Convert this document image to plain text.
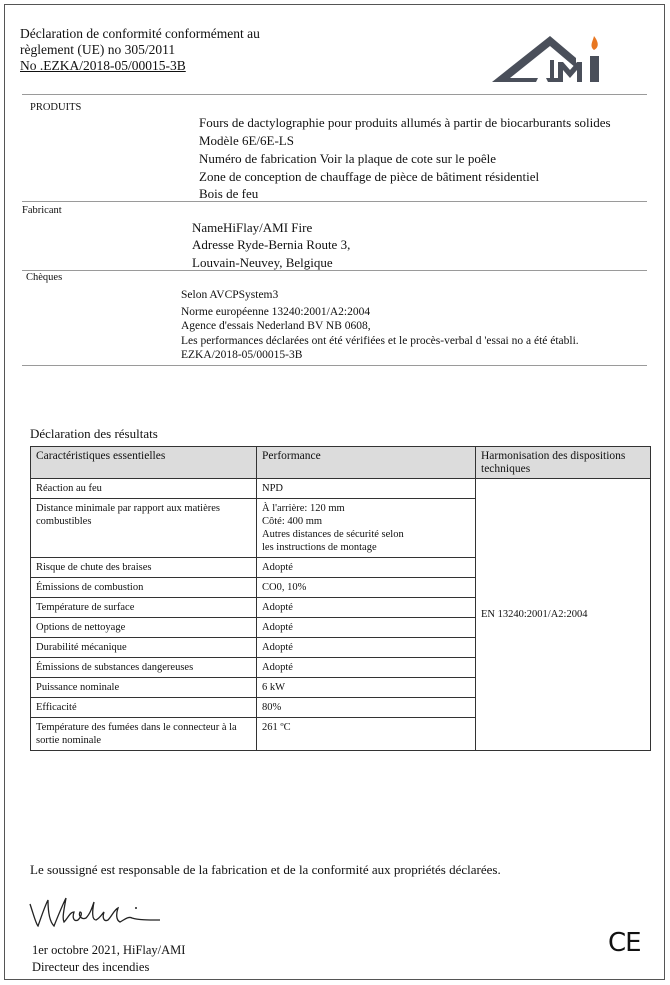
Déclaration de conformité conformément au
règlement (UE) no 305/2011
No .EZKA/2018-05/00015-3B
PRODUITS
Fours de dactylographie pour produits allumés à partir de biocarburants solides
Modèle 6E/6E-LS
Numéro de fabrication Voir la plaque de cote sur le poêle
Zone de conception de chauffage de pièce de bâtiment résidentiel
Bois de feu
Fabricant
NameHiFlay/AMI Fire
Adresse Ryde-Bernia Route 3,
Louvain-Neuvey, Belgique
Chèques
Selon AVCPSystem3
Norme européenne 13240:2001/A2:2004
Agence d'essais Nederland BV NB 0608,
Les performances déclarées ont été vérifiées et le procès-verbal d 'essai no a été établi.
EZKA/2018-05/00015-3B
Déclaration des résultats
Caractéristiques essentielles	Performance	Harmonisation des dispositions techniques
Réaction au feu	NPD	EN 13240:2001/A2:2004
Distance minimale par rapport aux matières combustibles	À l'arrière: 120 mm
Côté: 400 mm
Autres distances de sécurité selon
les instructions de montage	
Risque de chute des braises	Adopté	
Émissions de combustion	CO0, 10%	
Température de surface	Adopté	
Options de nettoyage	Adopté	
Durabilité mécanique	Adopté	
Émissions de substances dangereuses	Adopté	
Puissance nominale	6 kW	
Efficacité	80%	
Température des fumées dans le connecteur à la sortie nominale	261 ºC	
Le soussigné est responsable de la fabrication et de la conformité aux propriétés déclarées.
1er octobre 2021, HiFlay/AMI
Directeur des incendies
CE
